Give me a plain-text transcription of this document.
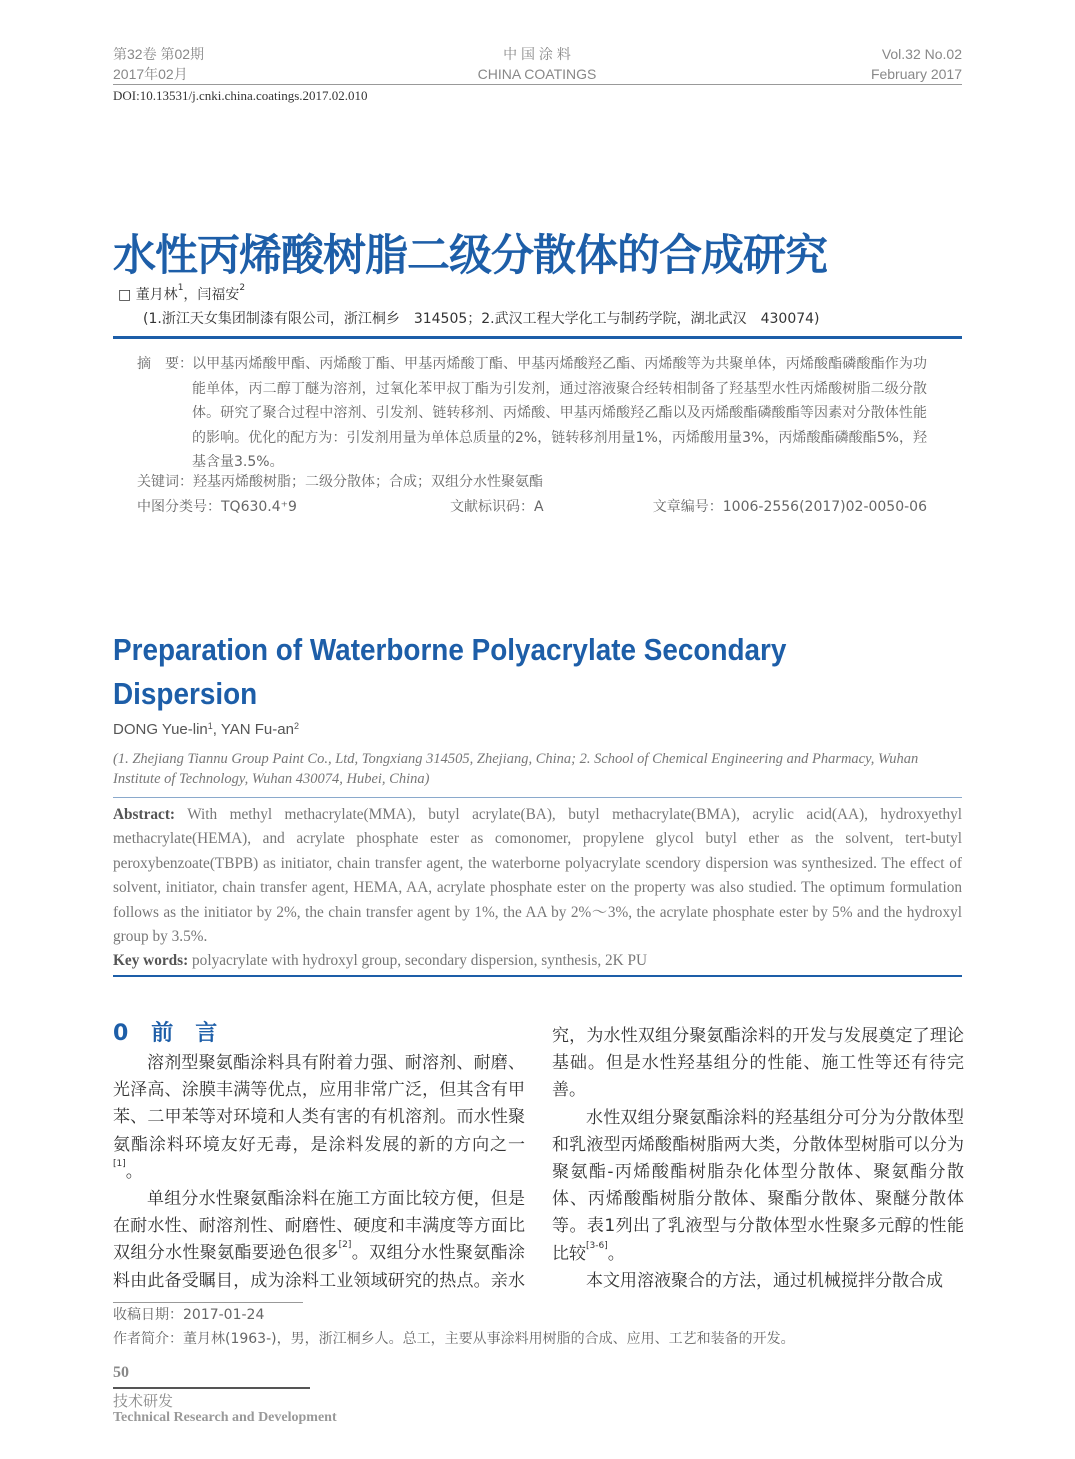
第32卷 第02期
2017年02月
中 国 涂 料
CHINA COATINGS
Vol.32 No.02
February 2017
DOI:10.13531/j.cnki.china.coatings.2017.02.010
水性丙烯酸树脂二级分散体的合成研究
□ 董月林$^1$，闫福安$^2$
(1.浙江天女集团制漆有限公司，浙江桐乡　314505；2.武汉工程大学化工与制药学院，湖北武汉　430074)
摘　要： 以甲基丙烯酸甲酯、丙烯酸丁酯、甲基丙烯酸丁酯、甲基丙烯酸羟乙酯、丙烯酸等为共聚单体，丙烯酸酯磷酸酯作为功能单体，丙二醇丁醚为溶剂，过氧化苯甲叔丁酯为引发剂，通过溶液聚合经转相制备了羟基型水性丙烯酸树脂二级分散体。研究了聚合过程中溶剂、引发剂、链转移剂、丙烯酸、甲基丙烯酸羟乙酯以及丙烯酸酯磷酸酯等因素对分散体性能的影响。优化的配方为：引发剂用量为单体总质量的2%，链转移剂用量1%，丙烯酸用量3%，丙烯酸酯磷酸酯5%，羟基含量3.5%。
关键词：羟基丙烯酸树脂；二级分散体；合成；双组分水性聚氨酯
中图分类号：TQ630.4⁺9	文献标识码：A	文章编号：1006-2556(2017)02-0050-06
Preparation of Waterborne Polyacrylate Secondary Dispersion
DONG Yue-lin$^1$, YAN $Fu-an^2$
(1. Zhejiang Tiannu Group Paint Co., Ltd, Tongxiang 314505, Zhejiang, China; 2. School of Chemical Engineering and Pharmacy, Wuhan Institute of Technology, Wuhan 430074, Hubei, China)
Abstract: With methyl methacrylate(MMA), butyl acrylate(BA), butyl methacrylate(BMA), acrylic acid(AA), hydroxyethyl methacrylate(HEMA), and acrylate phosphate ester as comonomer, propylene glycol butyl ether as the solvent, tert-butyl peroxybenzoate(TBPB) as initiator, chain transfer agent, the waterborne polyacrylate scendory dispersion was synthesized. The effect of solvent, initiator, chain transfer agent, HEMA, AA, acrylate phosphate ester on the property was also studied. The optimum formulation follows as the initiator by 2%, the chain transfer agent by 1%, the AA by 2%～3%, the acrylate phosphate ester by 5% and the hydroxyl group by 3.5%.
Key words: polyacrylate with hydroxyl group, secondary dispersion, synthesis, 2K PU
0 前　言

溶剂型聚氨酯涂料具有附着力强、耐溶剂、耐磨、光泽高、涂膜丰满等优点，应用非常广泛，但其含有甲苯、二甲苯等对环境和人类有害的有机溶剂。而水性聚氨酯涂料环境友好无毒，是涂料发展的新的方向之一[1]。

单组分水性聚氨酯涂料在施工方面比较方便，但是在耐水性、耐溶剂性、耐磨性、硬度和丰满度等方面比双组分水性聚氨酯要逊色很多[2]。双组分水性聚氨酯涂料由此备受瞩目，成为涂料工业领域研究的热点。亲水

究，为水性双组分聚氨酯涂料的开发与发展奠定了理论基础。但是水性羟基组分的性能、施工性等还有待完善。

水性双组分聚氨酯涂料的羟基组分可分为分散体型和乳液型丙烯酸酯树脂两大类，分散体型树脂可以分为聚氨酯-丙烯酸酯树脂杂化体型分散体、聚氨酯分散体、丙烯酸酯树脂分散体、聚酯分散体、聚醚分散体等。表1列出了乳液型与分散体型水性聚多元醇的性能比较[3-6]。

本文用溶液聚合的方法，通过机械搅拌分散合成

收稿日期：2017-01-24
作者简介：董月林(1963-)，男，浙江桐乡人。总工，主要从事涂料用树脂的合成、应用、工艺和装备的开发。
50
技术研发
Technical Research and Development
